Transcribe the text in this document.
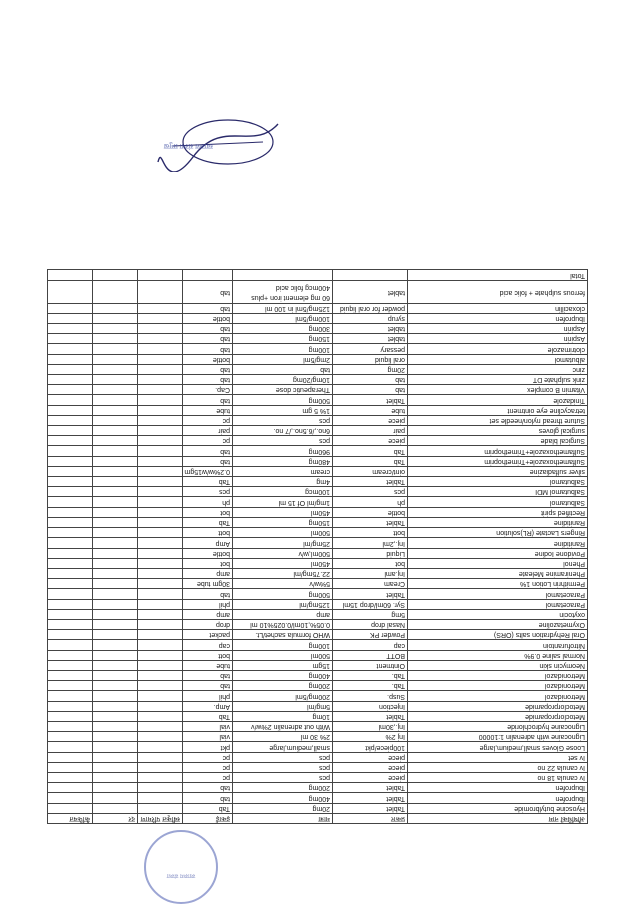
स्वास्थ्य संस्था
	औषधिको नाम	प्रकार	मात्रा	इकाई	स्वीकृत परिमाण	दर	कैफियत
	Hyoscine butylbromide	Tablet	20mg	Tab			
	Ibuprofen	Tablet	400mg	tab			
	Ibuprofen	Tablet	200mg	tab			
	Iv canula 18 no	piece	pcs	pc			
	Iv canula 22 no	piece	pcs	pc			
	Iv set	piece	pcs	pc			
	Loose Gloves small,medium,large	100piece/pkt	small,medium,large	pkt			
	Lignocaine with adrenalin 1:10000	Inj 2%	2% 30 ml	vial			
	Lignocaine hydrochloride	Inj.,30ml	With out adrenalin 2%w/v	vial			
	Metoclorpropamide	Tablet	10mg	Tab			
	Metoclorpropamide	Injection	5mg/ml	Amp.			
	Metronidazol	Susp.	200mg/5ml	phil			
	Metronidazol	Tab.	200mg	tab			
	Metronidazol	Tab.	400mg	tab			
	Neomycin skin	Ointment	15gm	tube			
	Normal saline 0.9%	BOTT	500ml	bott			
	Nitrofurantoin	cap	100mg	cap			
	Oral Rehydration salts (ORS)	Powder PK	WHO formula sachet/Lt.	packet			
	Oxymetazoline	Nasal drop	0.05%,10ml/0.025%10 ml	drop			
	oxytocin	5mg	amp	amp			
	Paracetamol	Syr. 60ml/drop 15ml	125mg/ml	phil			
	Paracetamol	Tablet	500mg	tab			
	Permithrin Lotion 1%	Cream	5%w/v	30gm tube			
	Pheniramine Meleate	Inj.aml	22.75mg/ml	amp			
	Phenol	bot	450ml	bot			
	Povidone Iodine	Liquid	500ml,w/v	bottle			
	Ranitidine	Inj.,2ml	25mg/ml	Amp			
	Ringers Lactate (RL)solution	bott	500ml	bott			
	Ranitidine	Tablet	150mg	Tab			
	Rectified spirit	bottle	450ml	bot			
	Salbutamol	ph	1mg/ml Of 15 ml	ph			
	Salbutamol MDI	pcs	100mcg	pcs			
	Salbutamol	Tablet	4mg	Tab			
	silver sulfadiazine	oint/cream	cream	0.2%w/w15gm			
	Sulfamethoxazole+Trimethoprim	Tab	480mg	tab			
	Sulfamethoxazole+Trimethoprim	Tab	960mg	tab			
	Surgical blade	piece	pcs	pc			
	surgical gloves	pair	6no.,/6.5no.,/7 no.	pair			
	Suture thread nylon/needle set	piece	pcs	pc			
	tetracycline eye ointment	tube	1% 5 gm	tube			
	Tinidazole	Tablet	500mg	tab			
	Vitamin B complex	tab	Therapeutic dose	Cap.			
	zink sulphate DT	tab	10mg/20mg	tab			
	zinc	20mg	tab	tab			
	albutamol	oral liquid	2mg/5ml	bottle			
	clotrimazole	pessary	100mg	tab			
	Aspirin	tablet	150mg	tab			
	Aspirin	tablet	300mg	tab			
	Ibuprofen	syrup	100mg/5ml	bottle			
	cloxacillin	powder for oral liquid	125mg/5ml in 100 ml	tab			
	ferrous sulphate + folic acid	tablet	60 mg element iron +plus 400mcg folic acid	tab			
	Total						
स्वास्थ्य संस्था प्रमुख
